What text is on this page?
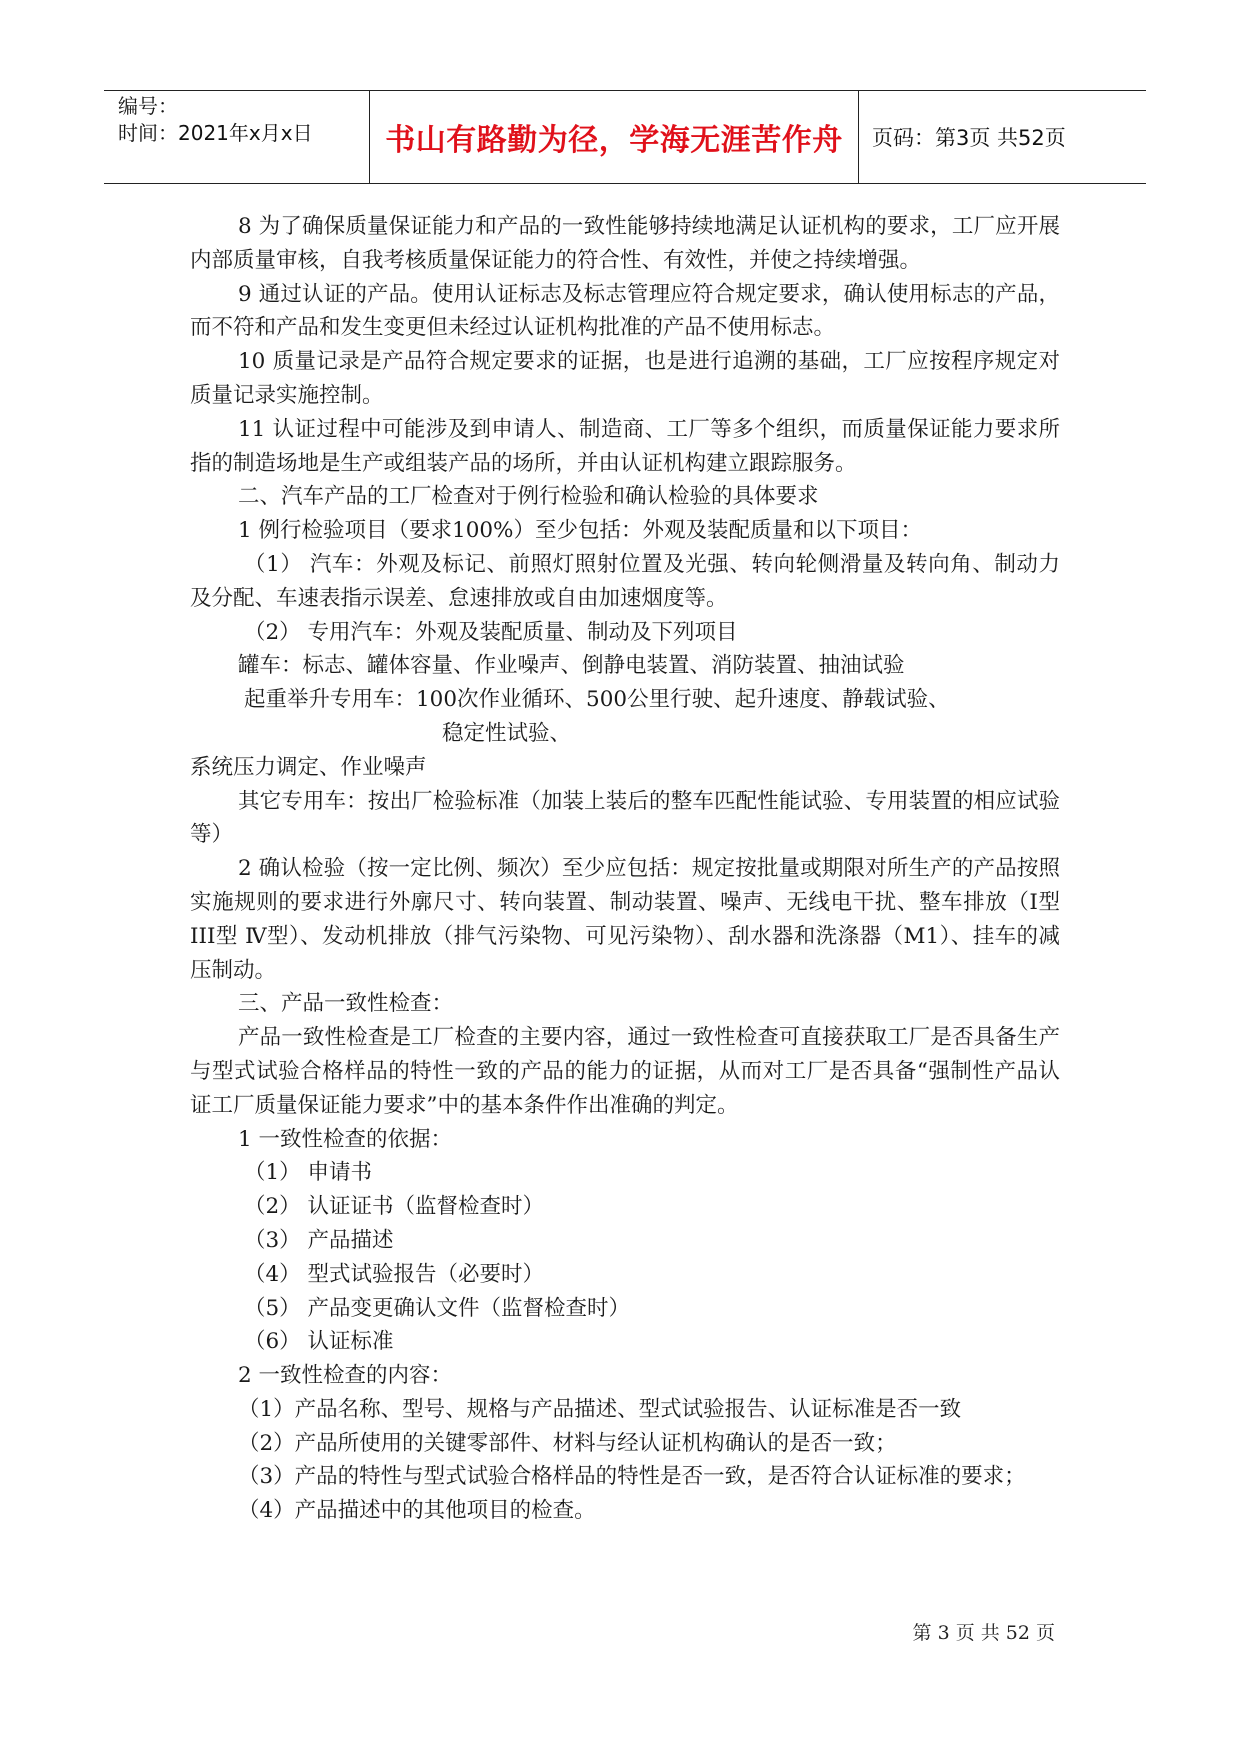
编号：
时间：2021年x月x日	书山有路勤为径，学海无涯苦作舟	页码：第3页 共52页

8 为了确保质量保证能力和产品的一致性能够持续地满足认证机构的要求，工厂应开展内部质量审核，自我考核质量保证能力的符合性、有效性，并使之持续增强。

9 通过认证的产品。使用认证标志及标志管理应符合规定要求，确认使用标志的产品，而不符和产品和发生变更但未经过认证机构批准的产品不使用标志。

10 质量记录是产品符合规定要求的证据，也是进行追溯的基础，工厂应按程序规定对质量记录实施控制。

11 认证过程中可能涉及到申请人、制造商、工厂等多个组织，而质量保证能力要求所指的制造场地是生产或组装产品的场所，并由认证机构建立跟踪服务。

二、汽车产品的工厂检查对于例行检验和确认检验的具体要求

1 例行检验项目（要求100%）至少包括：外观及装配质量和以下项目：

（1） 汽车：外观及标记、前照灯照射位置及光强、转向轮侧滑量及转向角、制动力及分配、车速表指示误差、怠速排放或自由加速烟度等。

（2） 专用汽车：外观及装配质量、制动及下列项目

罐车：标志、罐体容量、作业噪声、倒静电装置、消防装置、抽油试验

起重举升专用车：100次作业循环、500公里行驶、起升速度、静载试验、

稳定性试验、

系统压力调定、作业噪声

其它专用车：按出厂检验标准（加装上装后的整车匹配性能试验、专用装置的相应试验等）

2 确认检验（按一定比例、频次）至少应包括：规定按批量或期限对所生产的产品按照实施规则的要求进行外廓尺寸、转向装置、制动装置、噪声、无线电干扰、整车排放（Ⅰ型 III型 Ⅳ型）、发动机排放（排气污染物、可见污染物）、刮水器和洗涤器（M1）、挂车的减压制动。

三、产品一致性检查：

产品一致性检查是工厂检查的主要内容，通过一致性检查可直接获取工厂是否具备生产与型式试验合格样品的特性一致的产品的能力的证据，从而对工厂是否具备“强制性产品认证工厂质量保证能力要求”中的基本条件作出准确的判定。

1 一致性检查的依据：

（1） 申请书

（2） 认证证书（监督检查时）

（3） 产品描述

（4） 型式试验报告（必要时）

（5） 产品变更确认文件（监督检查时）

（6） 认证标准

2 一致性检查的内容：

（1）产品名称、型号、规格与产品描述、型式试验报告、认证标准是否一致

（2）产品所使用的关键零部件、材料与经认证机构确认的是否一致；

（3）产品的特性与型式试验合格样品的特性是否一致，是否符合认证标准的要求；

（4）产品描述中的其他项目的检查。

第 3 页 共 52 页
